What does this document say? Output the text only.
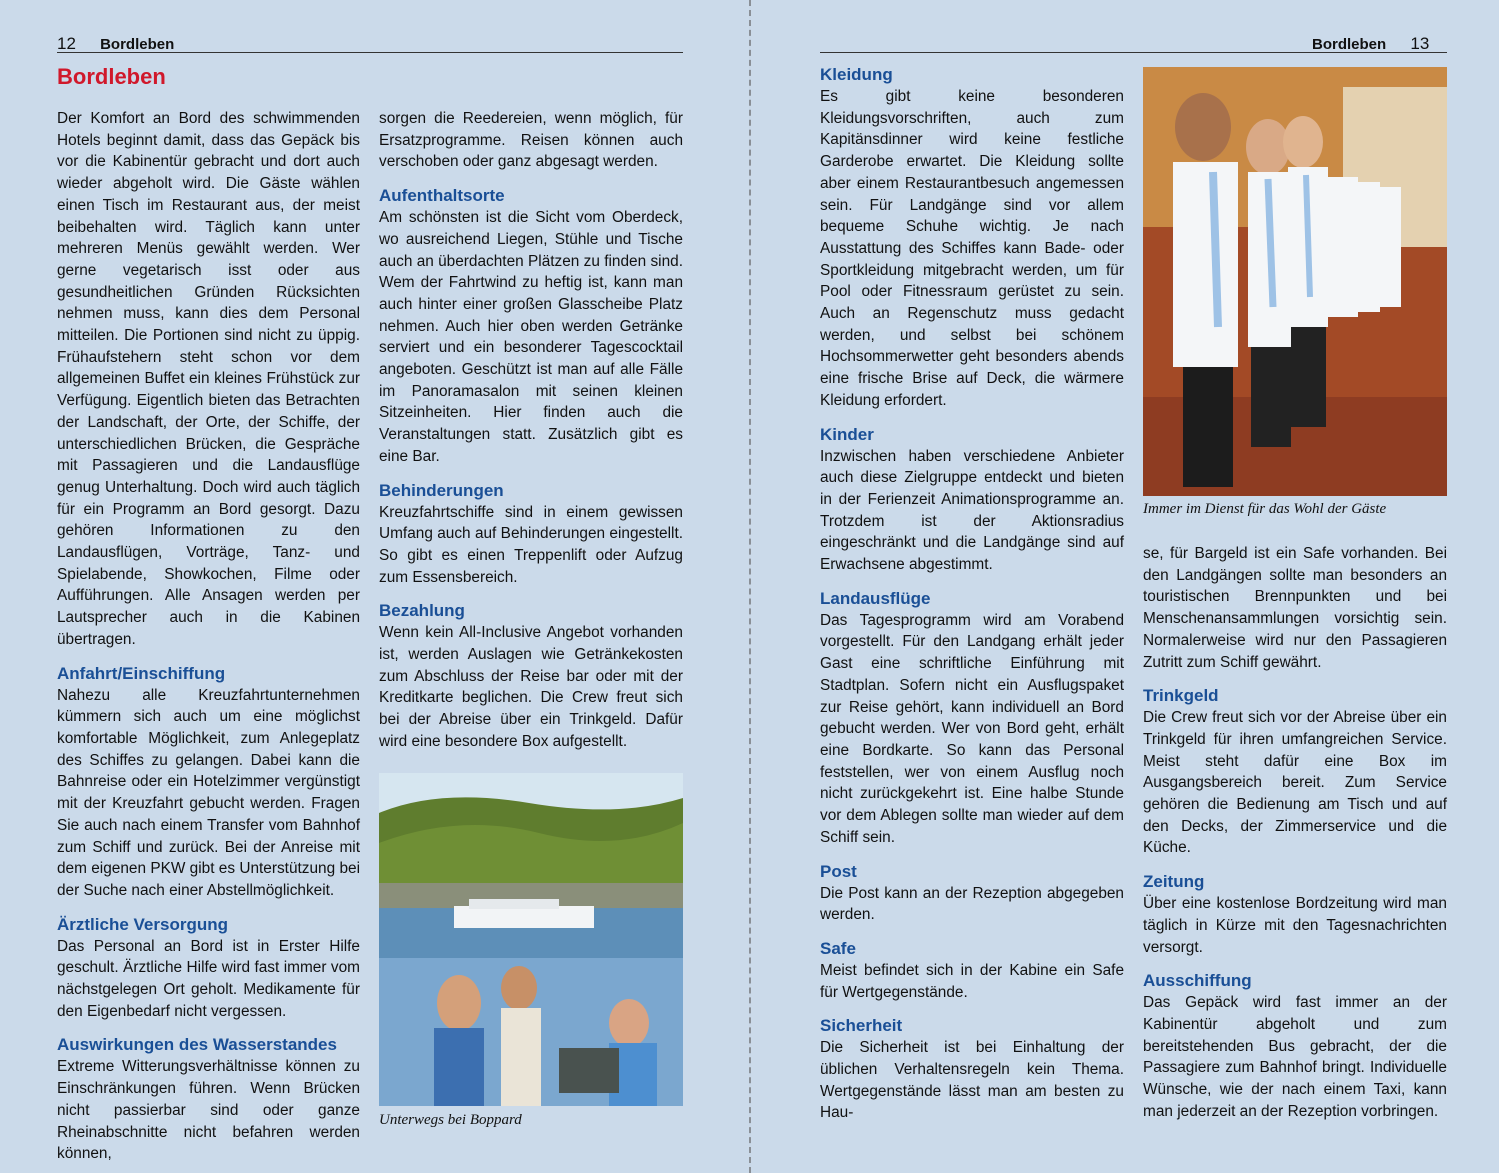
12 Bordleben
Bordleben

Der Komfort an Bord des schwimmenden Hotels beginnt damit, dass das Gepäck bis vor die Kabinentür gebracht und dort auch wieder abgeholt wird. Die Gäste wählen einen Tisch im Restaurant aus, der meist beibehalten wird. Täglich kann unter mehreren Menüs gewählt werden. Wer gerne vegetarisch isst oder aus gesundheitlichen Gründen Rücksichten nehmen muss, kann dies dem Personal mitteilen. Die Portionen sind nicht zu üppig. Frühaufstehern steht schon vor dem allgemeinen Buffet ein kleines Frühstück zur Verfügung. Eigentlich bieten das Betrachten der Landschaft, der Orte, der Schiffe, der unterschiedlichen Brücken, die Gespräche mit Passagieren und die Landausflüge genug Unterhaltung. Doch wird auch täglich für ein Programm an Bord gesorgt. Dazu gehören Informationen zu den Landausflügen, Vorträge, Tanz- und Spielabende, Showkochen, Filme oder Aufführungen. Alle Ansagen werden per Lautsprecher auch in die Kabinen übertragen.

Anfahrt/Einschiffung

Nahezu alle Kreuzfahrtunternehmen kümmern sich auch um eine möglichst komfortable Möglichkeit, zum Anlegeplatz des Schiffes zu gelangen. Dabei kann die Bahnreise oder ein Hotelzimmer vergünstigt mit der Kreuzfahrt gebucht werden. Fragen Sie auch nach einem Transfer vom Bahnhof zum Schiff und zurück. Bei der Anreise mit dem eigenen PKW gibt es Unterstützung bei der Suche nach einer Abstellmöglichkeit.

Ärztliche Versorgung

Das Personal an Bord ist in Erster Hilfe geschult. Ärztliche Hilfe wird fast immer vom nächstgelegen Ort geholt. Medikamente für den Eigenbedarf nicht vergessen.

Auswirkungen des Wasserstandes

Extreme Witterungsverhältnisse können zu Einschränkungen führen. Wenn Brücken nicht passierbar sind oder ganze Rheinabschnitte nicht befahren werden können,

sorgen die Reedereien, wenn möglich, für Ersatzprogramme. Reisen können auch verschoben oder ganz abgesagt werden.

Aufenthaltsorte

Am schönsten ist die Sicht vom Oberdeck, wo ausreichend Liegen, Stühle und Tische auch an überdachten Plätzen zu finden sind. Wem der Fahrtwind zu heftig ist, kann man auch hinter einer großen Glasscheibe Platz nehmen. Auch hier oben werden Getränke serviert und ein besonderer Tagescocktail angeboten. Geschützt ist man auf alle Fälle im Panoramasalon mit seinen kleinen Sitzeinheiten. Hier finden auch die Veranstaltungen statt. Zusätzlich gibt es eine Bar.

Behinderungen

Kreuzfahrtschiffe sind in einem gewissen Umfang auch auf Behinderungen eingestellt. So gibt es einen Treppenlift oder Aufzug zum Essensbereich.

Bezahlung

Wenn kein All-Inclusive Angebot vorhanden ist, werden Auslagen wie Getränkekosten zum Abschluss der Reise bar oder mit der Kreditkarte beglichen. Die Crew freut sich bei der Abreise über ein Trinkgeld. Dafür wird eine besondere Box aufgestellt.

Unterwegs bei Boppard
Bordleben 13
Kleidung

Es gibt keine besonderen Kleidungsvorschriften, auch zum Kapitänsdinner wird keine festliche Garderobe erwartet. Die Kleidung sollte aber einem Restaurantbesuch angemessen sein. Für Landgänge sind vor allem bequeme Schuhe wichtig. Je nach Ausstattung des Schiffes kann Bade- oder Sportkleidung mitgebracht werden, um für Pool oder Fitnessraum gerüstet zu sein. Auch an Regenschutz muss gedacht werden, und selbst bei schönem Hochsommerwetter geht besonders abends eine frische Brise auf Deck, die wärmere Kleidung erfordert.

Kinder

Inzwischen haben verschiedene Anbieter auch diese Zielgruppe entdeckt und bieten in der Ferienzeit Animationsprogramme an. Trotzdem ist der Aktionsradius eingeschränkt und die Landgänge sind auf Erwachsene abgestimmt.

Landausflüge

Das Tagesprogramm wird am Vorabend vorgestellt. Für den Landgang erhält jeder Gast eine schriftliche Einführung mit Stadtplan. Sofern nicht ein Ausflugspaket zur Reise gehört, kann individuell an Bord gebucht werden. Wer von Bord geht, erhält eine Bordkarte. So kann das Personal feststellen, wer von einem Ausflug noch nicht zurückgekehrt ist. Eine halbe Stunde vor dem Ablegen sollte man wieder auf dem Schiff sein.

Post

Die Post kann an der Rezeption abgegeben werden.

Safe

Meist befindet sich in der Kabine ein Safe für Wertgegenstände.

Sicherheit

Die Sicherheit ist bei Einhaltung der üblichen Verhaltensregeln kein Thema. Wertgegenstände lässt man am besten zu Hau-

Immer im Dienst für das Wohl der Gäste

se, für Bargeld ist ein Safe vorhanden. Bei den Landgängen sollte man besonders an touristischen Brennpunkten und bei Menschenansammlungen vorsichtig sein. Normalerweise wird nur den Passagieren Zutritt zum Schiff gewährt.

Trinkgeld

Die Crew freut sich vor der Abreise über ein Trinkgeld für ihren umfangreichen Service. Meist steht dafür eine Box im Ausgangsbereich bereit. Zum Service gehören die Bedienung am Tisch und auf den Decks, der Zimmerservice und die Küche.

Zeitung

Über eine kostenlose Bordzeitung wird man täglich in Kürze mit den Tagesnachrichten versorgt.

Ausschiffung

Das Gepäck wird fast immer an der Kabinentür abgeholt und zum bereitstehenden Bus gebracht, der die Passagiere zum Bahnhof bringt. Individuelle Wünsche, wie der nach einem Taxi, kann man jederzeit an der Rezeption vorbringen.
